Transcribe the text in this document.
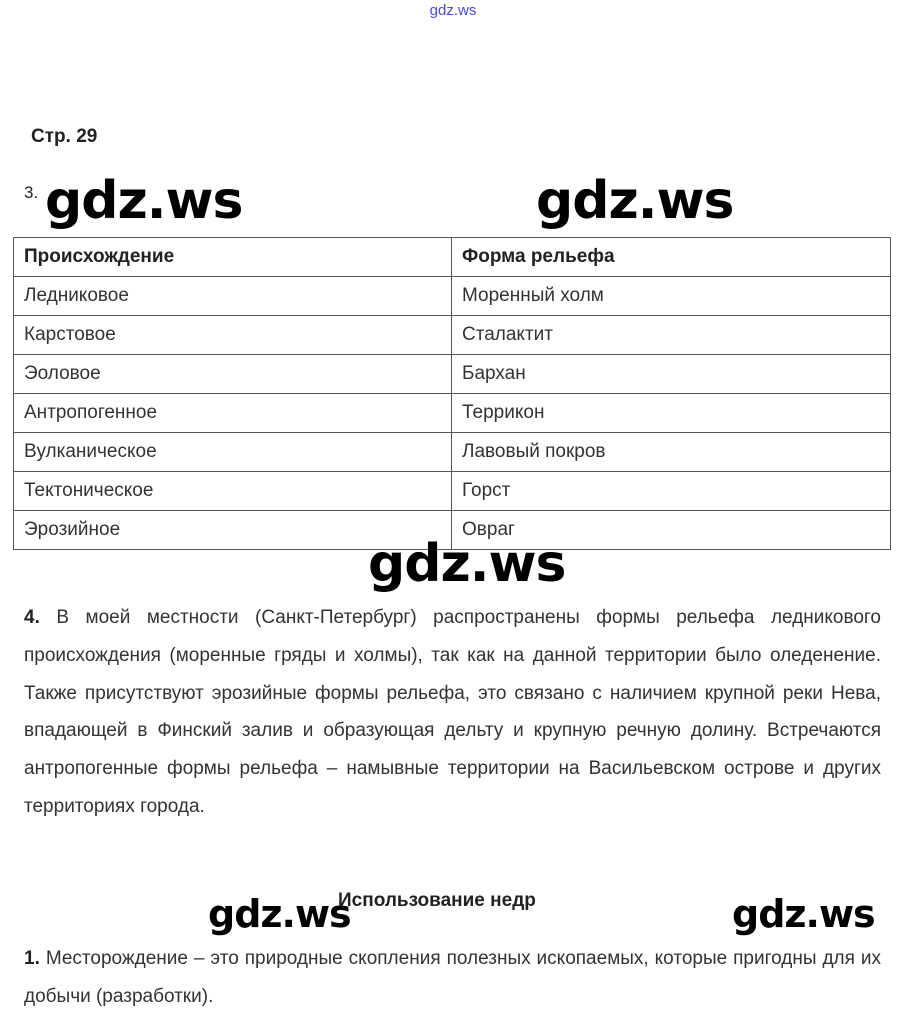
gdz.ws
Стр. 29
3. gdz.ws	gdz.ws
Происхождение	Форма рельефа
Ледниковое	Моренный холм
Карстовое	Сталактит
Эоловое	Бархан
Антропогенное	Террикон
Вулканическое	Лавовый покров
Тектоническое	Горст
Эрозийное	Овраг
gdz.ws

4. В моей местности (Санкт-Петербург) распространены формы рельефа ледникового происхождения (моренные гряды и холмы), так как на данной территории было оледенение. Также присутствуют эрозийные формы рельефа, это связано с наличием крупной реки Нева, впадающей в Финский залив и образующая дельту и крупную речную долину. Встречаются антропогенные формы рельефа – намывные территории на Васильевском острове и других территориях города.

gdz.ws
Использование недр	gdz.ws

1. Месторождение – это природные скопления полезных ископаемых, которые пригодны для их добычи (разработки).
